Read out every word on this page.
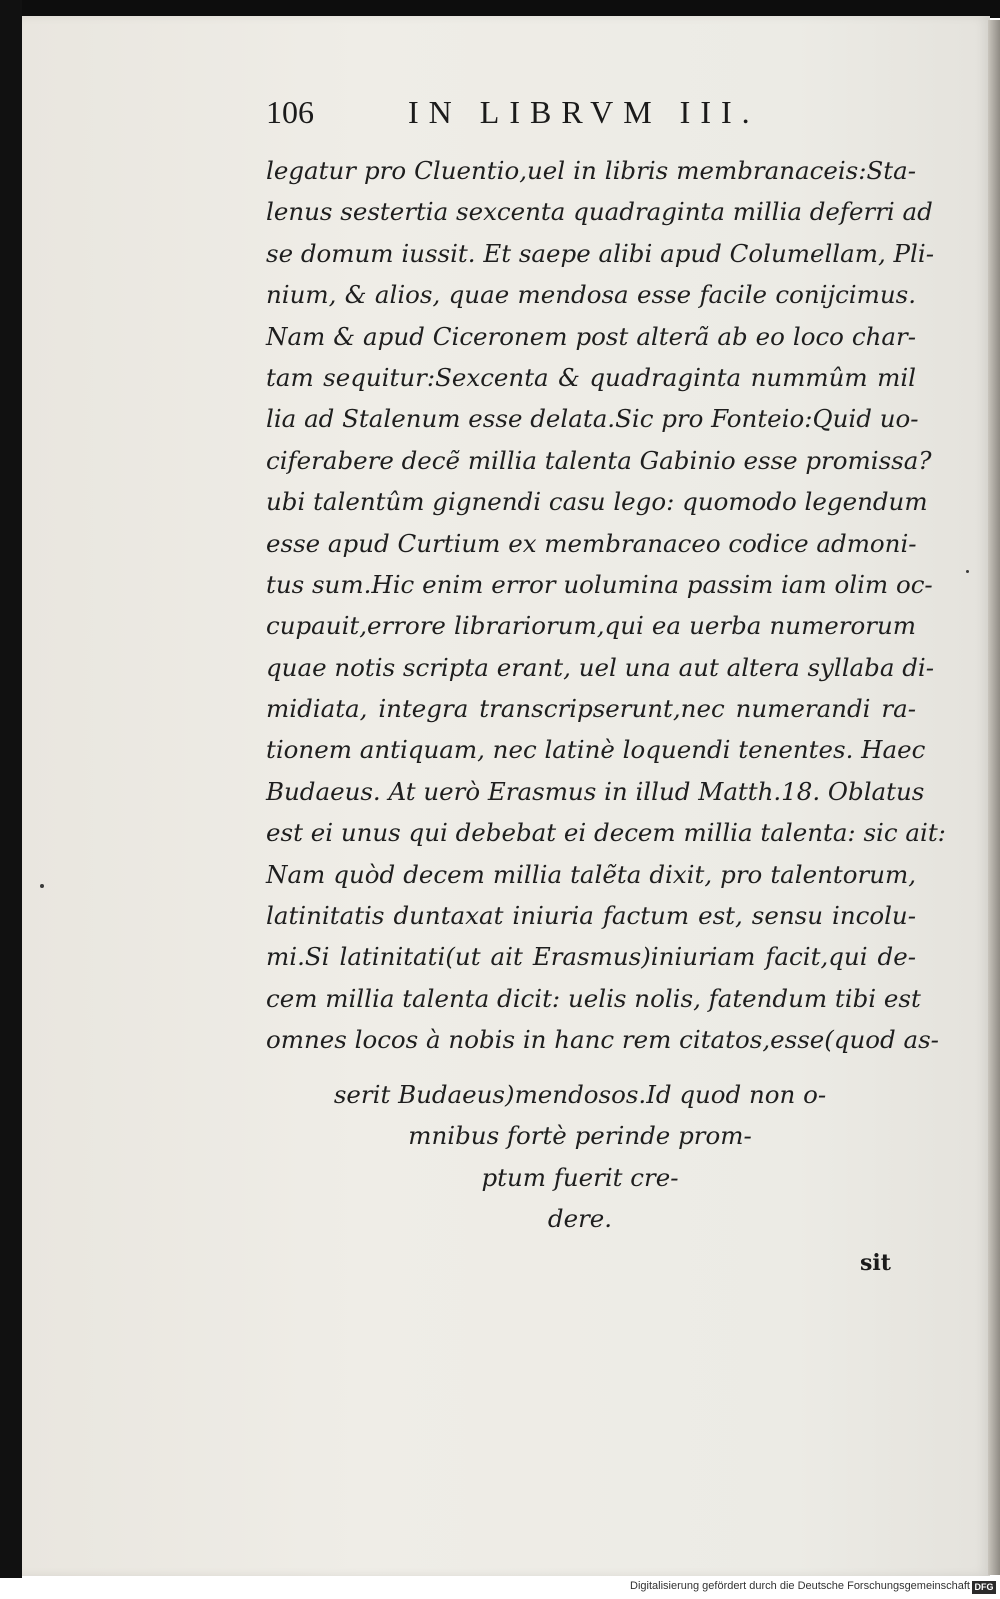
106	IN LIBRVM III.
legatur pro Cluentio,uel in libris membranaceis:Sta-
lenus sestertia sexcenta quadraginta millia deferri ad
se domum iussit. Et saepe alibi apud Columellam, Pli-
nium, & alios, quae mendosa esse facile conijcimus.
Nam & apud Ciceronem post alterã ab eo loco char-
tam sequitur:Sexcenta & quadraginta nummûm mil
lia ad Stalenum esse delata.Sic pro Fonteio:Quid uo-
ciferabere decẽ millia talenta Gabinio esse promissa?
ubi talentûm gignendi casu lego: quomodo legendum
esse apud Curtium ex membranaceo codice admoni-
tus sum.Hic enim error uolumina passim iam olim oc-
cupauit,errore librariorum,qui ea uerba numerorum
quae notis scripta erant, uel una aut altera syllaba di-
midiata, integra transcripserunt,nec numerandi ra-
tionem antiquam, nec latinè loquendi tenentes. Haec
Budaeus. At uerò Erasmus in illud Matth.18. Oblatus
est ei unus qui debebat ei decem millia talenta: sic ait:
Nam quòd decem millia talẽta dixit, pro talentorum,
latinitatis duntaxat iniuria factum est, sensu incolu-
mi.Si latinitati(ut ait Erasmus)iniuriam facit,qui de-
cem millia talenta dicit: uelis nolis, fatendum tibi est
omnes locos à nobis in hanc rem citatos,esse(quod as-
serit Budaeus)mendosos.Id quod non o-
mnibus fortè perinde prom-
ptum fuerit cre-
dere.
sit
Digitalisierung gefördert durch die Deutsche Forschungsgemeinschaft DFG
